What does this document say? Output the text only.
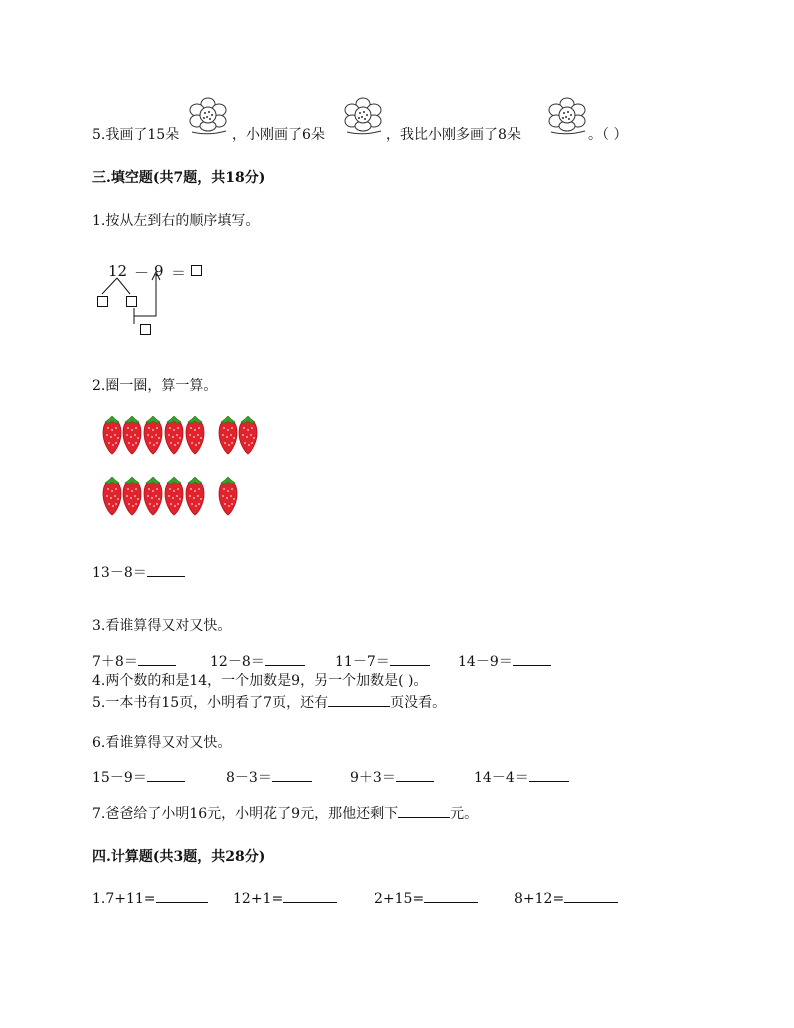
5.我画了15朵	，小刚画了6朵	，我比小刚多画了8朵	。（ ）
三.填空题(共7题，共18分)
1.按从左到右的顺序填写。
12 － 9 ＝
2.圈一圈，算一算。
13－8＝
3.看谁算得又对又快。
7＋8＝	12－8＝	11－7＝	14－9＝
4.两个数的和是14，一个加数是9，另一个加数是( )。
5.一本书有15页，小明看了7页，还有	页没看。
6.看谁算得又对又快。
15－9＝	8－3＝	9＋3＝	14－4＝
7.爸爸给了小明16元，小明花了9元，那他还剩下	元。
四.计算题(共3题，共28分)
1.7+11=	12+1=	2+15=	8+12=
